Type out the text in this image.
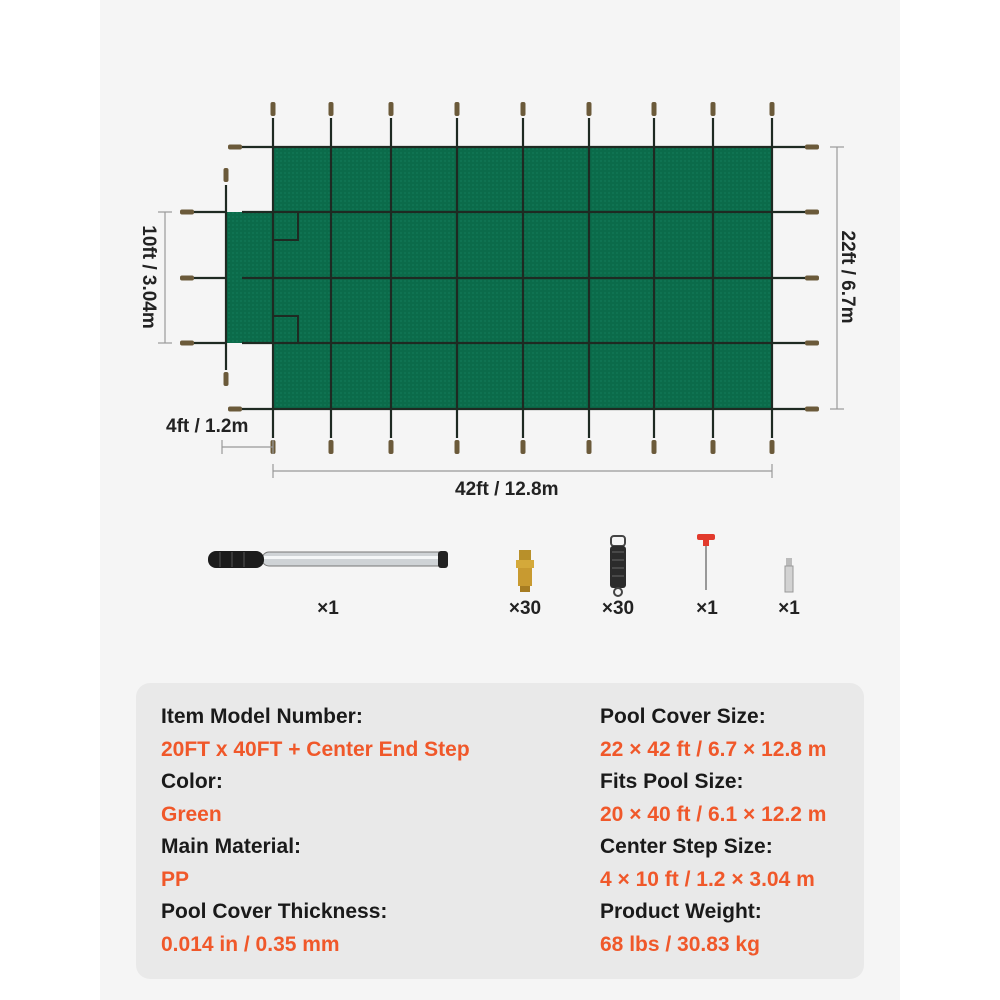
22ft / 6.7m
10ft / 3.04m
4ft / 1.2m
42ft / 12.8m
×1	×30	×30	×1	×1
Item Model Number:
20FT x 40FT + Center End Step
Color:
Green
Main Material:
PP
Pool Cover Thickness:
0.014 in / 0.35 mm
Pool Cover Size:
22 × 42 ft / 6.7 × 12.8 m
Fits Pool Size:
20 × 40 ft / 6.1 × 12.2 m
Center Step Size:
4 × 10 ft / 1.2 × 3.04 m
Product Weight:
68 lbs / 30.83 kg
